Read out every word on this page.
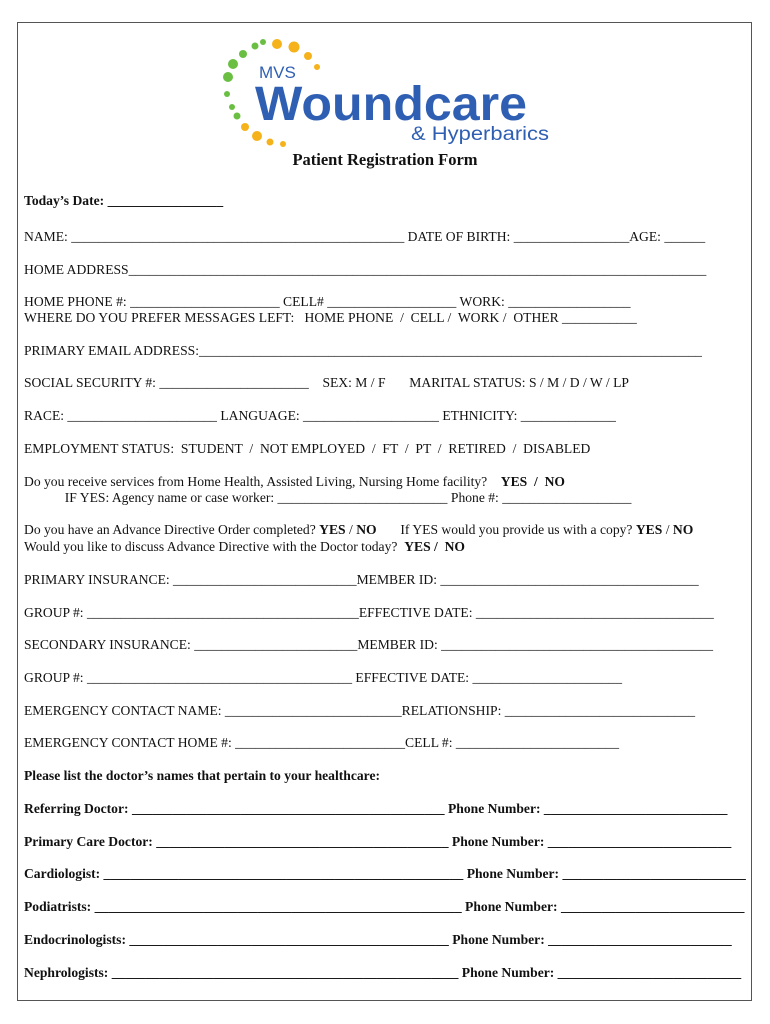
MVS
Woundcare
& Hyperbarics
Patient Registration Form
Today’s Date: _________________
NAME: _________________________________________________ DATE OF BIRTH: _________________AGE: ______
HOME ADDRESS_____________________________________________________________________________________
HOME PHONE #: ______________________ CELL# ___________________ WORK: __________________
WHERE DO YOU PREFER MESSAGES LEFT:   HOME PHONE  /  CELL /  WORK /  OTHER ___________
PRIMARY EMAIL ADDRESS:__________________________________________________________________________
SOCIAL SECURITY #: ______________________    SEX: M / F       MARITAL STATUS: S / M / D / W / LP
RACE: ______________________ LANGUAGE: ____________________ ETHNICITY: ______________
EMPLOYMENT STATUS:  STUDENT  /  NOT EMPLOYED  /  FT  /  PT  /  RETIRED  /  DISABLED
Do you receive services from Home Health, Assisted Living, Nursing Home facility?    YES  /  NO
IF YES: Agency name or case worker: _________________________ Phone #: ___________________
Do you have an Advance Directive Order completed? YES / NO       If YES would you provide us with a copy? YES / NO
Would you like to discuss Advance Directive with the Doctor today?  YES /  NO
PRIMARY INSURANCE: ___________________________MEMBER ID: ______________________________________
GROUP #: ________________________________________EFFECTIVE DATE: ___________________________________
SECONDARY INSURANCE: ________________________MEMBER ID: ________________________________________
GROUP #: _______________________________________ EFFECTIVE DATE: ______________________
EMERGENCY CONTACT NAME: __________________________RELATIONSHIP: ____________________________
EMERGENCY CONTACT HOME #: _________________________CELL #: ________________________
Please list the doctor’s names that pertain to your healthcare:
Referring Doctor: ______________________________________________ Phone Number: ___________________________
Primary Care Doctor: ___________________________________________ Phone Number: ___________________________
Cardiologist: _____________________________________________________ Phone Number: ___________________________
Podiatrists: ______________________________________________________ Phone Number: ___________________________
Endocrinologists: _______________________________________________ Phone Number: ___________________________
Nephrologists: ___________________________________________________ Phone Number: ___________________________
